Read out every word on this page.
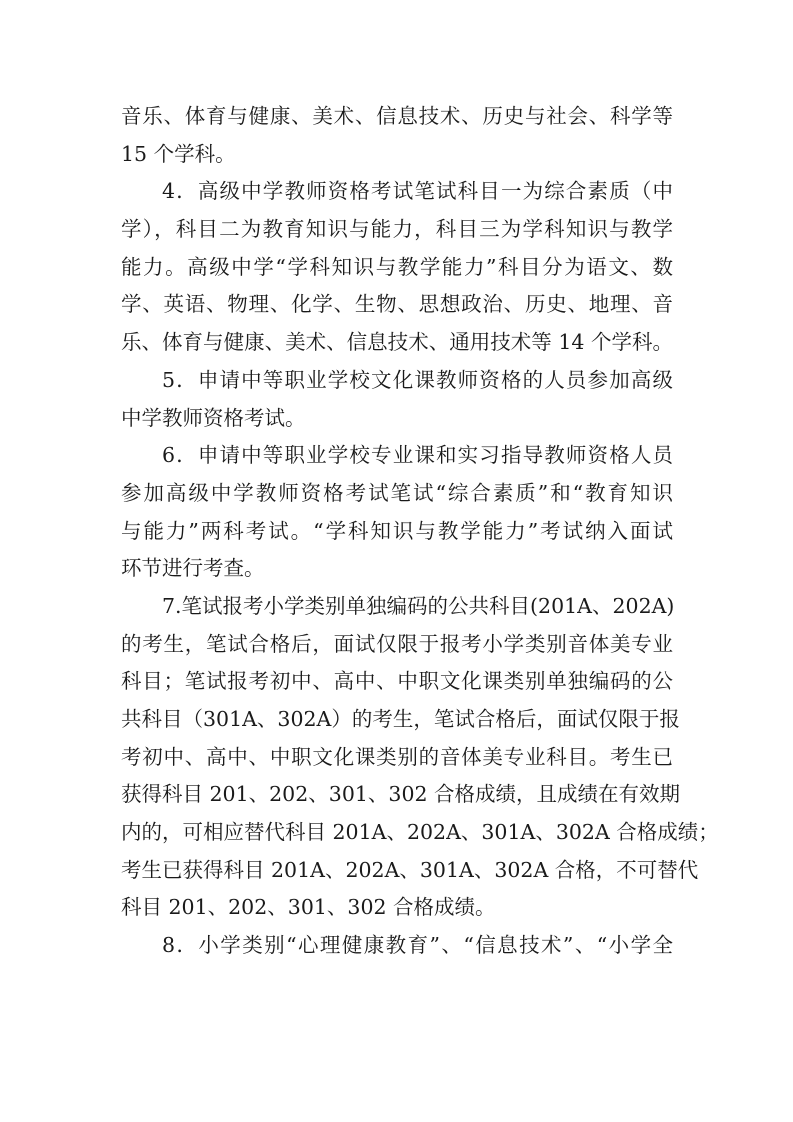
音乐、体育与健康、美术、信息技术、历史与社会、科学等
15 个学科。
4．高级中学教师资格考试笔试科目一为综合素质（中
学），科目二为教育知识与能力，科目三为学科知识与教学
能力。高级中学“学科知识与教学能力”科目分为语文、数
学、英语、物理、化学、生物、思想政治、历史、地理、音
乐、体育与健康、美术、信息技术、通用技术等 14 个学科。
5．申请中等职业学校文化课教师资格的人员参加高级
中学教师资格考试。
6．申请中等职业学校专业课和实习指导教师资格人员
参加高级中学教师资格考试笔试“综合素质”和“教育知识
与能力”两科考试。“学科知识与教学能力”考试纳入面试
环节进行考查。
7.笔试报考小学类别单独编码的公共科目(201A、202A)
的考生，笔试合格后，面试仅限于报考小学类别音体美专业
科目；笔试报考初中、高中、中职文化课类别单独编码的公
共科目（301A、302A）的考生，笔试合格后，面试仅限于报
考初中、高中、中职文化课类别的音体美专业科目。考生已
获得科目 201、202、301、302 合格成绩，且成绩在有效期
内的，可相应替代科目 201A、202A、301A、302A 合格成绩；
考生已获得科目 201A、202A、301A、302A 合格，不可替代
科目 201、202、301、302 合格成绩。
8．小学类别“心理健康教育”、“信息技术”、“小学全
